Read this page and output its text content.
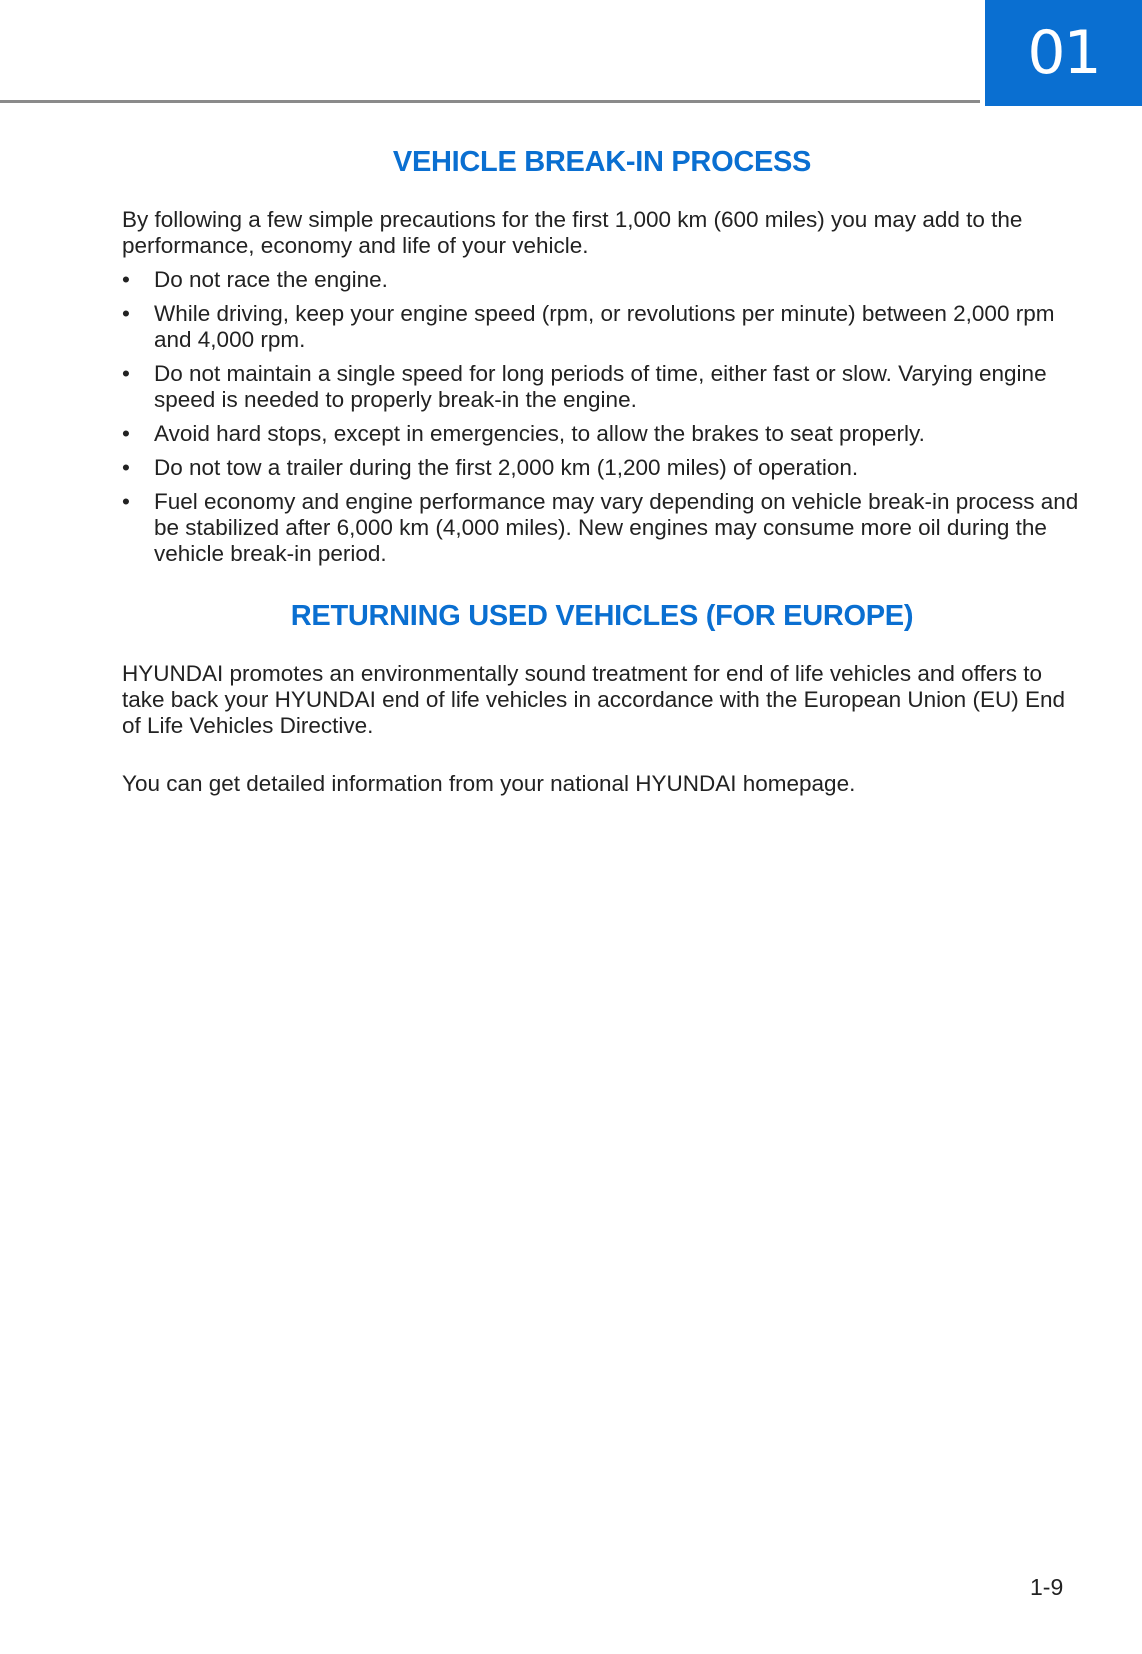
01
VEHICLE BREAK-IN PROCESS

By following a few simple precautions for the first 1,000 km (600 miles) you may add to the performance, economy and life of your vehicle.

• Do not race the engine.
• While driving, keep your engine speed (rpm, or revolutions per minute) between 2,000 rpm and 4,000 rpm.
• Do not maintain a single speed for long periods of time, either fast or slow. Varying engine speed is needed to properly break-in the engine.
• Avoid hard stops, except in emergencies, to allow the brakes to seat properly.
• Do not tow a trailer during the first 2,000 km (1,200 miles) of operation.
• Fuel economy and engine performance may vary depending on vehicle break-in process and be stabilized after 6,000 km (4,000 miles). New engines may consume more oil during the vehicle break-in period.
RETURNING USED VEHICLES (FOR EUROPE)

HYUNDAI promotes an environmentally sound treatment for end of life vehicles and offers to take back your HYUNDAI end of life vehicles in accordance with the European Union (EU) End of Life Vehicles Directive.

You can get detailed information from your national HYUNDAI homepage.

1-9
